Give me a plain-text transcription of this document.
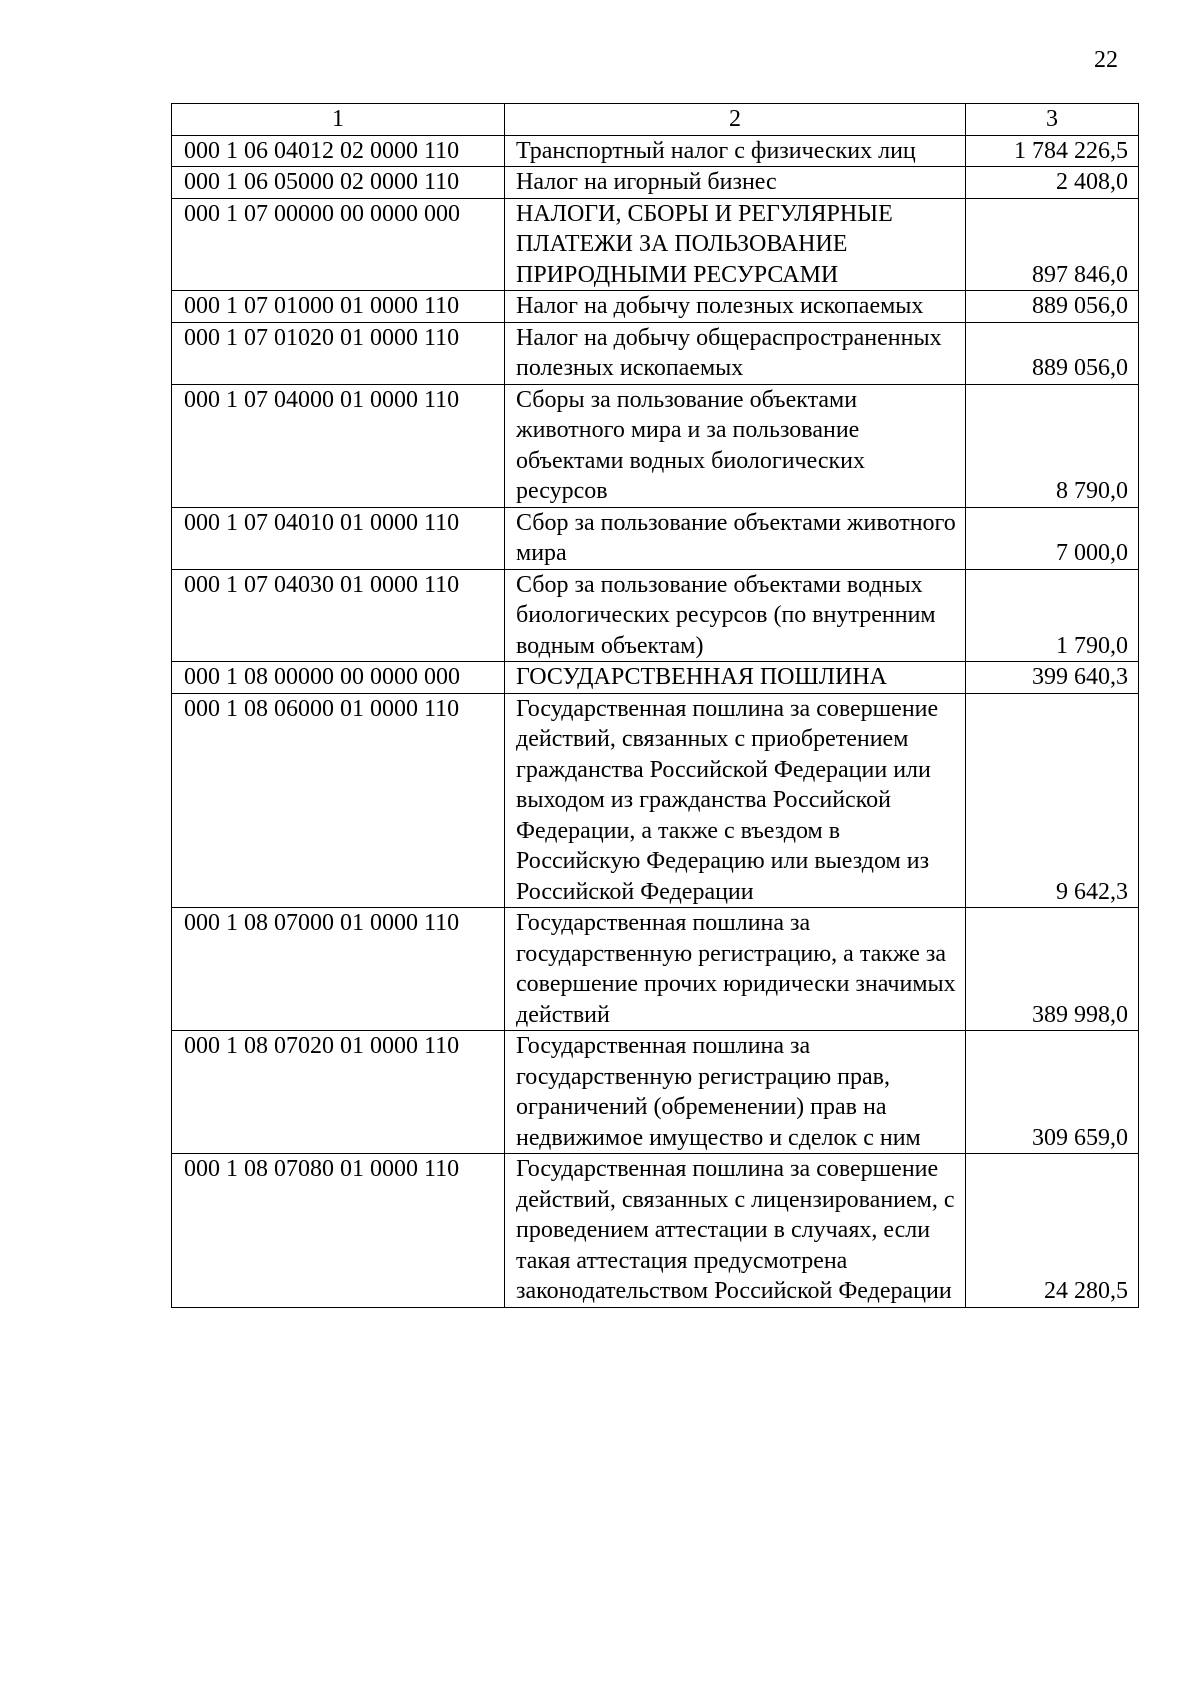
22
1	2	3
000 1 06 04012 02 0000 110	Транспортный налог с физических лиц	1 784 226,5
000 1 06 05000 02 0000 110	Налог на игорный бизнес	2 408,0
000 1 07 00000 00 0000 000	НАЛОГИ, СБОРЫ И РЕГУЛЯРНЫЕ ПЛАТЕЖИ ЗА ПОЛЬЗОВАНИЕ ПРИРОДНЫМИ РЕСУРСАМИ	897 846,0
000 1 07 01000 01 0000 110	Налог на добычу полезных ископаемых	889 056,0
000 1 07 01020 01 0000 110	Налог на добычу общераспространенных полезных ископаемых	889 056,0
000 1 07 04000 01 0000 110	Сборы за пользование объектами животного мира и за пользование объектами водных биологических ресурсов	8 790,0
000 1 07 04010 01 0000 110	Сбор за пользование объектами животного мира	7 000,0
000 1 07 04030 01 0000 110	Сбор за пользование объектами водных биологических ресурсов (по внутренним водным объектам)	1 790,0
000 1 08 00000 00 0000 000	ГОСУДАРСТВЕННАЯ ПОШЛИНА	399 640,3
000 1 08 06000 01 0000 110	Государственная пошлина за совершение действий, связанных с приобретением гражданства Российской Федерации или выходом из гражданства Российской Федерации, а также с въездом в Российскую Федерацию или выездом из Российской Федерации	9 642,3
000 1 08 07000 01 0000 110	Государственная пошлина за государственную регистрацию, а также за совершение прочих юридически значимых действий	389 998,0
000 1 08 07020 01 0000 110	Государственная пошлина за государственную регистрацию прав, ограничений (обременении) прав на недвижимое имущество и сделок с ним	309 659,0
000 1 08 07080 01 0000 110	Государственная пошлина за совершение действий, связанных с лицензированием, с проведением аттестации в случаях, если такая аттестация предусмотрена законодательством Российской Федерации	24 280,5
